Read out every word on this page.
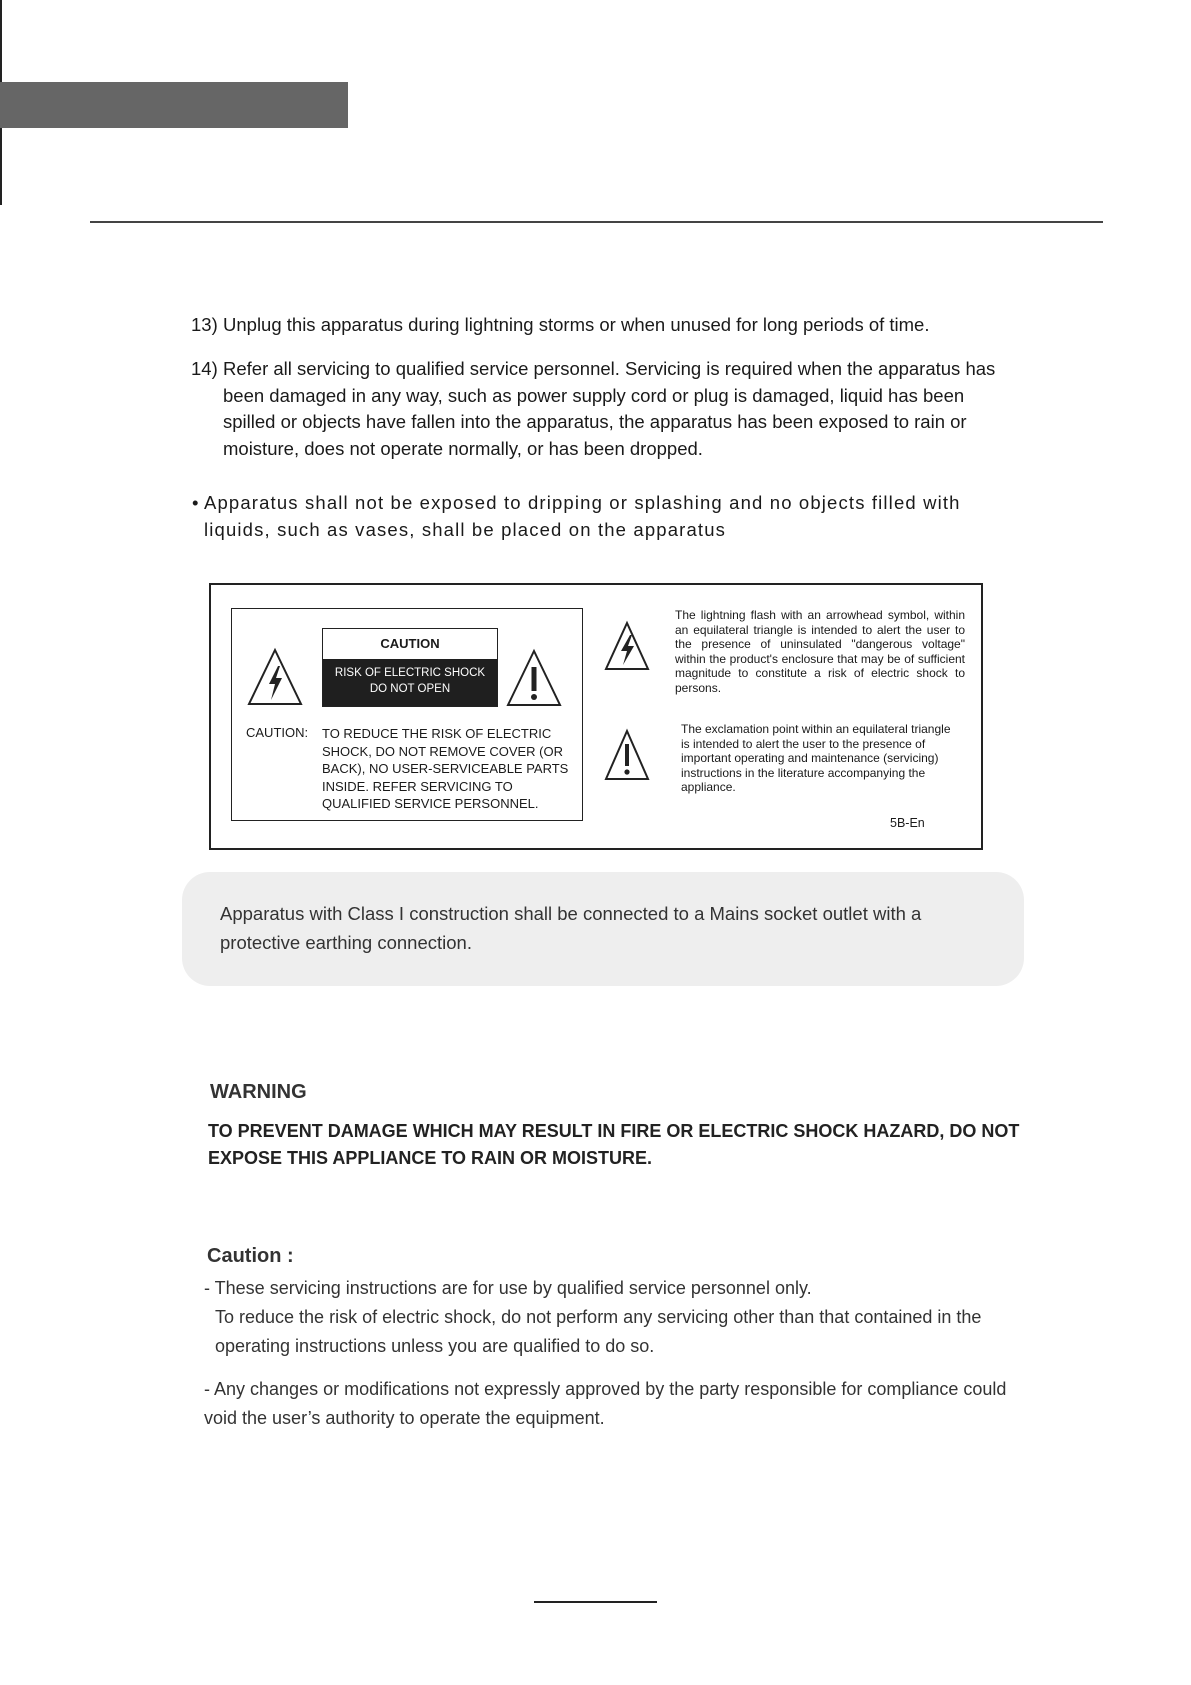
13) Unplug this apparatus during lightning storms or when unused for long periods of time.
14) Refer all servicing to qualified service personnel. Servicing is required when the apparatus has been damaged in any way, such as power supply cord or plug is damaged, liquid has been spilled or objects have fallen into the apparatus, the apparatus has been exposed to rain or moisture, does not operate normally, or has been dropped.
• Apparatus shall not be exposed to dripping or splashing and no objects filled with liquids, such as vases, shall be placed on the apparatus
CAUTION
RISK OF ELECTRIC SHOCK
DO NOT OPEN
CAUTION: TO REDUCE THE RISK OF ELECTRIC SHOCK, DO NOT REMOVE COVER (OR BACK), NO USER-SERVICEABLE PARTS INSIDE. REFER SERVICING TO QUALIFIED SERVICE PERSONNEL.
The lightning flash with an arrowhead symbol, within an equilateral triangle is intended to alert the user to the presence of uninsulated "dangerous voltage" within the product's enclosure that may be of sufficient magnitude to constitute a risk of electric shock to persons.
The exclamation point within an equilateral triangle is intended to alert the user to the presence of important operating and maintenance (servicing) instructions in the literature accompanying the appliance.
5B-En
Apparatus with Class I construction shall be connected to a Mains socket outlet with a protective earthing connection.
WARNING
TO PREVENT DAMAGE WHICH MAY RESULT IN FIRE OR ELECTRIC SHOCK HAZARD, DO NOT EXPOSE THIS APPLIANCE TO RAIN OR MOISTURE.
Caution :
- These servicing instructions are for use by qualified service personnel only.
To reduce the risk of electric shock, do not perform any servicing other than that contained in the operating instructions unless you are qualified to do so.
- Any changes or modifications not expressly approved by the party responsible for compliance could void the user’s authority to operate the equipment.
